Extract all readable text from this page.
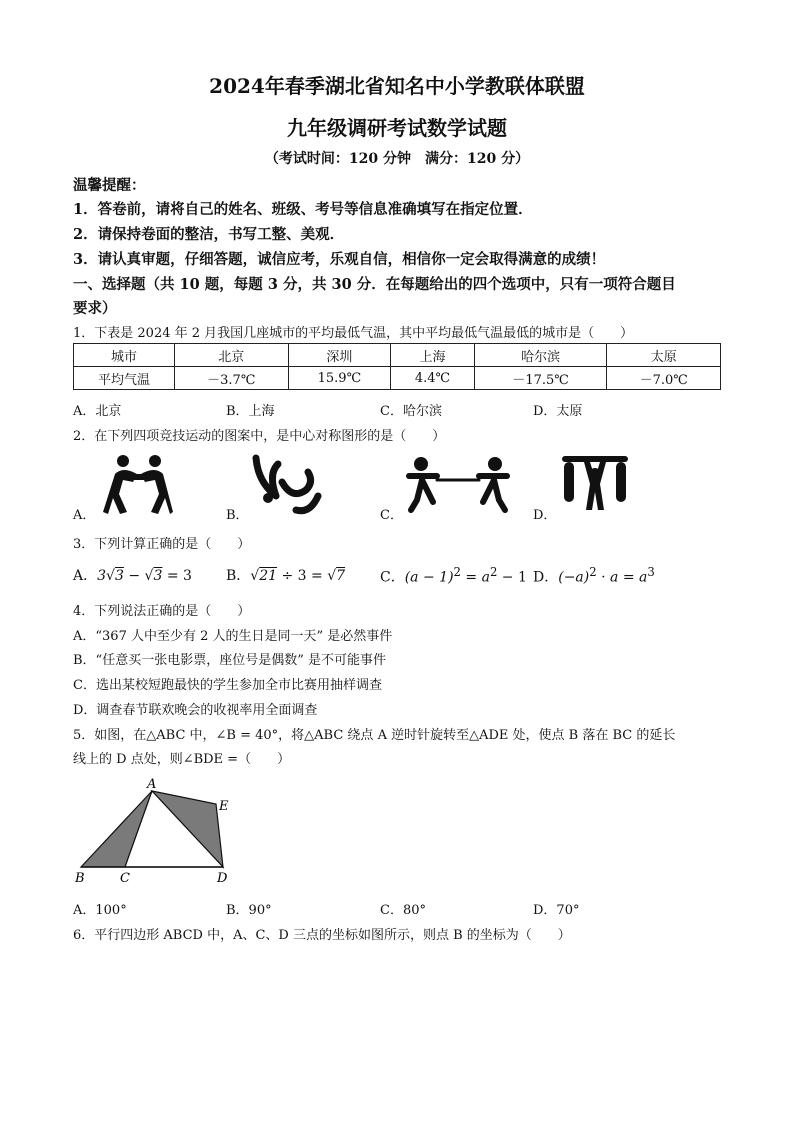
2024年春季湖北省知名中小学教联体联盟
九年级调研考试数学试题
（考试时间：120 分钟　满分：120 分）
温馨提醒：
1．答卷前，请将自己的姓名、班级、考号等信息准确填写在指定位置．
2．请保持卷面的整洁，书写工整、美观．
3．请认真审题，仔细答题，诚信应考，乐观自信，相信你一定会取得满意的成绩！
一、选择题（共 10 题，每题 3 分，共 30 分．在每题给出的四个选项中，只有一项符合题目
要求）
1．下表是 2024 年 2 月我国几座城市的平均最低气温，其中平均最低气温最低的城市是（　　）
城市	北京	深圳	上海	哈尔滨	太原
平均气温	－3.7℃	15.9℃	4.4℃	－17.5℃	－7.0℃
A．北京	B．上海	C．哈尔滨	D．太原
2．在下列四项竞技运动的图案中，是中心对称图形的是（　　）
A．	B．	C．	D．
3．下列计算正确的是（　　）
A．3√3 − √3 = 3 B．√21 ÷ 3 = √7 C．$(a - 1)^2 = a^2 - 1$ D．$(-a)^2 \cdot a = a^3$
4．下列说法正确的是（　　）
A．“367 人中至少有 2 人的生日是同一天” 是必然事件
B．“任意买一张电影票，座位号是偶数” 是不可能事件
C．选出某校短跑最快的学生参加全市比赛用抽样调查
D．调查春节联欢晚会的收视率用全面调查
5．如图，在△ABC 中，∠B = 40°，将△ABC 绕点 A 逆时针旋转至△ADE 处，使点 B 落在 BC 的延长
线上的 D 点处，则∠BDE =（　　）
A
E
B	C	D
A．100°	B．90°	C．80°	D．70°
6．平行四边形 ABCD 中，A、C、D 三点的坐标如图所示，则点 B 的坐标为（　　）
